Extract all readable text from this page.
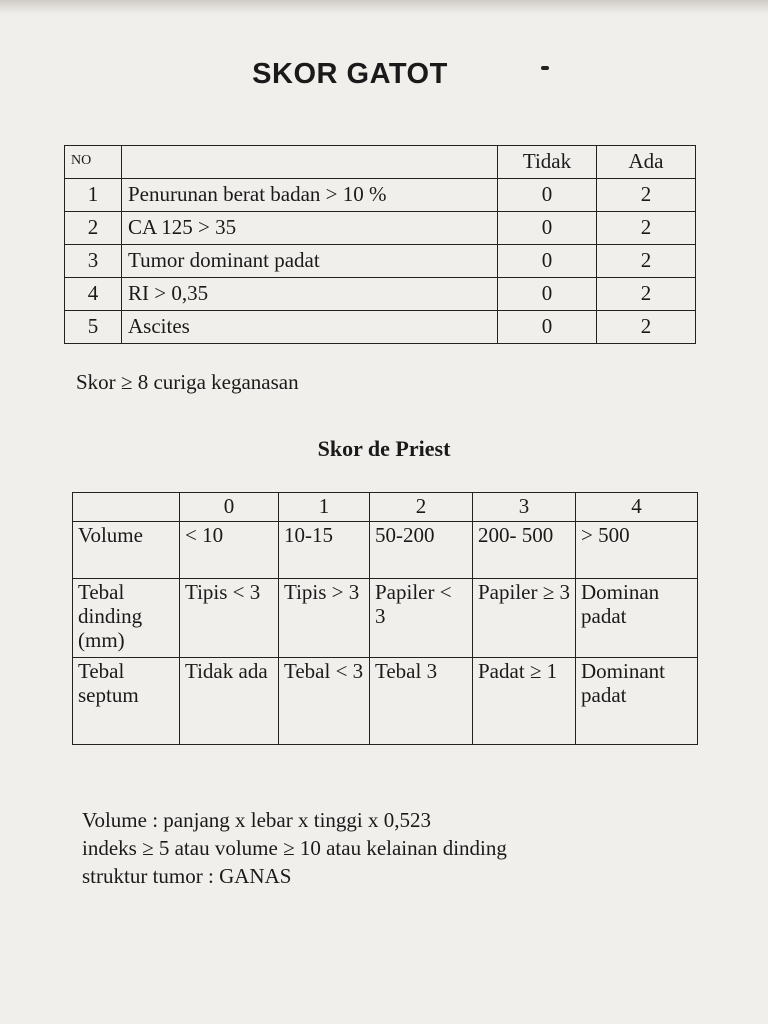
SKOR GATOT
NO		Tidak	Ada
1	Penurunan berat badan > 10 %	0	2
2	CA 125 > 35	0	2
3	Tumor dominant padat	0	2
4	RI > 0,35	0	2
5	Ascites	0	2
Skor ≥ 8 curiga keganasan
Skor de Priest
	0	1	2	3	4
Volume	< 10	10-15	50-200	200- 500	> 500
Tebal dinding (mm)	Tipis < 3	Tipis > 3	Papiler < 3	Papiler ≥ 3	Dominan padat
Tebal septum	Tidak ada	Tebal < 3	Tebal 3	Padat ≥ 1	Dominant padat
Volume : panjang x lebar x tinggi x 0,523
indeks ≥ 5 atau volume ≥ 10 atau kelainan dinding
struktur tumor : GANAS
